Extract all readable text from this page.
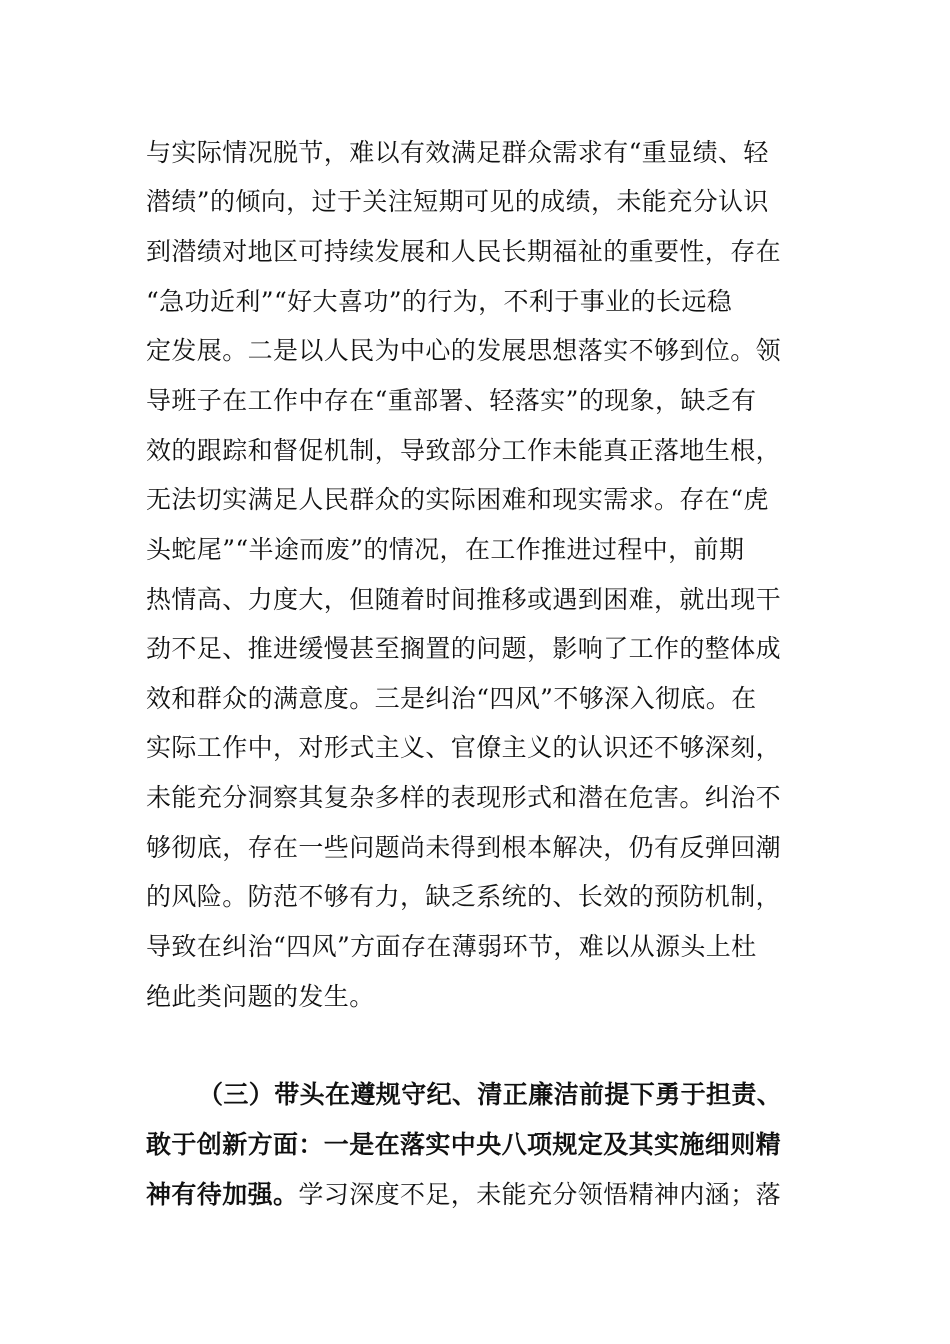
与实际情况脱节，难以有效满足群众需求有“重显绩、轻
潜绩”的倾向，过于关注短期可见的成绩，未能充分认识
到潜绩对地区可持续发展和人民长期福祉的重要性，存在
“急功近利”“好大喜功”的行为，不利于事业的长远稳
定发展。二是以人民为中心的发展思想落实不够到位。领
导班子在工作中存在“重部署、轻落实”的现象，缺乏有
效的跟踪和督促机制，导致部分工作未能真正落地生根，
无法切实满足人民群众的实际困难和现实需求。存在“虎
头蛇尾”“半途而废”的情况，在工作推进过程中，前期
热情高、力度大，但随着时间推移或遇到困难，就出现干
劲不足、推进缓慢甚至搁置的问题，影响了工作的整体成
效和群众的满意度。三是纠治“四风”不够深入彻底。在
实际工作中，对形式主义、官僚主义的认识还不够深刻，
未能充分洞察其复杂多样的表现形式和潜在危害。纠治不
够彻底，存在一些问题尚未得到根本解决，仍有反弹回潮
的风险。防范不够有力，缺乏系统的、长效的预防机制，
导致在纠治“四风”方面存在薄弱环节，难以从源头上杜
绝此类问题的发生。
（三）带头在遵规守纪、清正廉洁前提下勇于担责、
敢于创新方面：一是在落实中央八项规定及其实施细则精
神有待加强。学习深度不足，未能充分领悟精神内涵；落
